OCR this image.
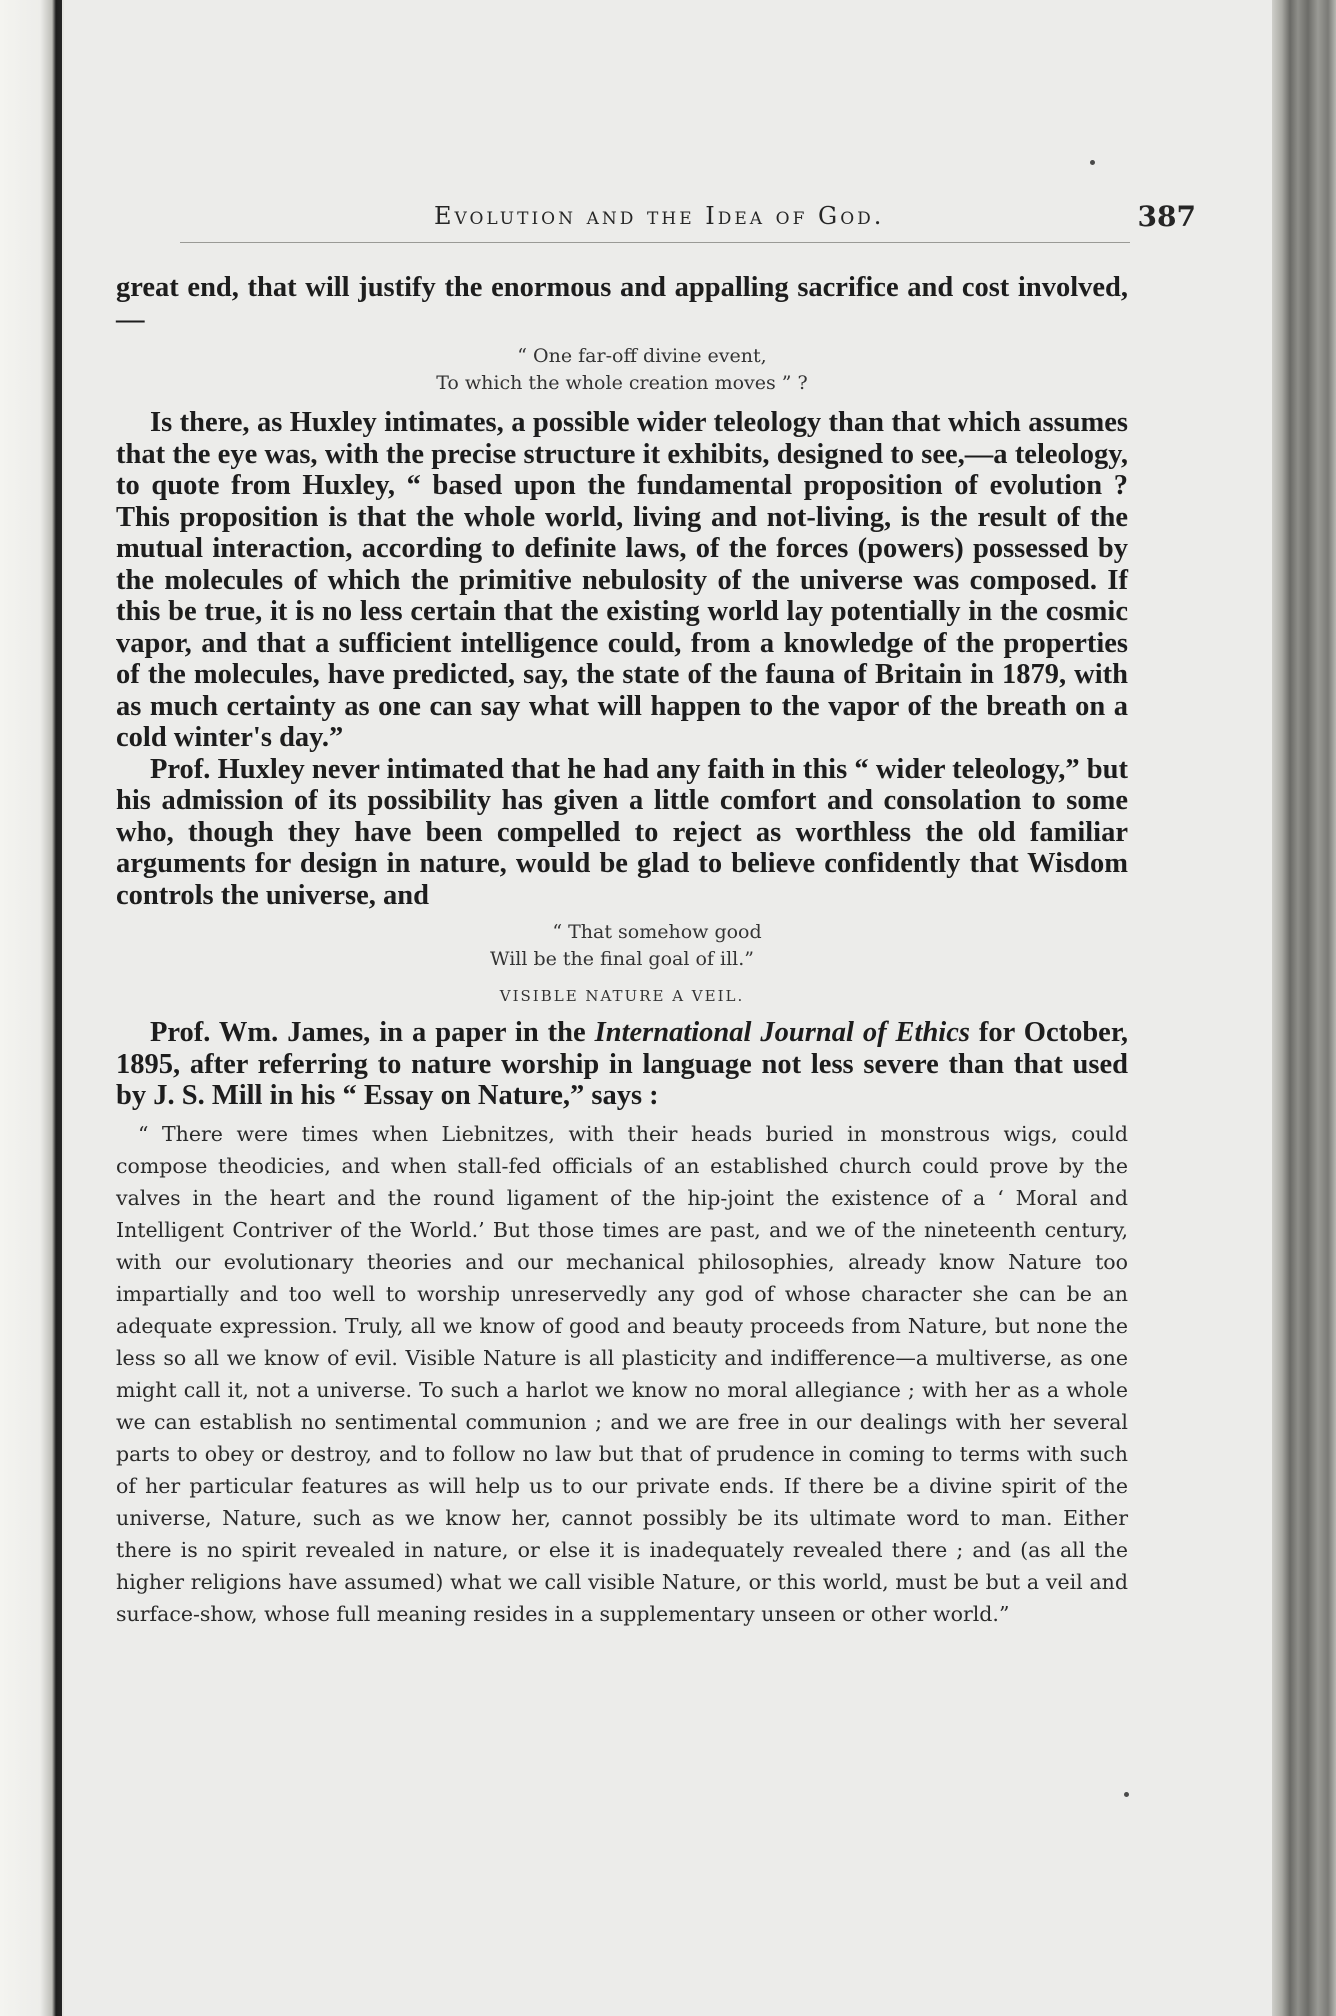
Evolution and the Idea of God.	387

great end, that will justify the enormous and appalling sacrifice and cost involved,—

“ One far-off divine event,
To which the whole creation moves ” ?

Is there, as Huxley intimates, a possible wider teleology than that which assumes that the eye was, with the precise structure it exhibits, designed to see,—a teleology, to quote from Huxley, “ based upon the fundamental proposition of evolution ? This proposition is that the whole world, living and not-living, is the result of the mutual interaction, according to definite laws, of the forces (powers) possessed by the molecules of which the primitive nebulosity of the universe was composed. If this be true, it is no less certain that the existing world lay potentially in the cosmic vapor, and that a sufficient intelligence could, from a knowledge of the properties of the molecules, have predicted, say, the state of the fauna of Britain in 1879, with as much certainty as one can say what will happen to the vapor of the breath on a cold winter's day.”

Prof. Huxley never intimated that he had any faith in this “ wider teleology,” but his admission of its possibility has given a little comfort and consolation to some who, though they have been compelled to reject as worthless the old familiar arguments for design in nature, would be glad to believe confidently that Wisdom controls the universe, and

“ That somehow good
Will be the final goal of ill.”
VISIBLE NATURE A VEIL.

Prof. Wm. James, in a paper in the International Journal of Ethics for October, 1895, after referring to nature worship in language not less severe than that used by J. S. Mill in his “ Essay on Nature,” says :

“ There were times when Liebnitzes, with their heads buried in monstrous wigs, could compose theodicies, and when stall-fed officials of an established church could prove by the valves in the heart and the round ligament of the hip-joint the existence of a ‘ Moral and Intelligent Contriver of the World.’ But those times are past, and we of the nineteenth century, with our evolutionary theories and our mechanical philosophies, already know Nature too impartially and too well to worship unreservedly any god of whose character she can be an adequate expression. Truly, all we know of good and beauty proceeds from Nature, but none the less so all we know of evil. Visible Nature is all plasticity and indifference—a multiverse, as one might call it, not a universe. To such a harlot we know no moral allegiance ; with her as a whole we can establish no sentimental communion ; and we are free in our dealings with her several parts to obey or destroy, and to follow no law but that of prudence in coming to terms with such of her particular features as will help us to our private ends. If there be a divine spirit of the universe, Nature, such as we know her, cannot possibly be its ultimate word to man. Either there is no spirit revealed in nature, or else it is inadequately revealed there ; and (as all the higher religions have assumed) what we call visible Nature, or this world, must be but a veil and surface-show, whose full meaning resides in a supplementary unseen or other world.”
